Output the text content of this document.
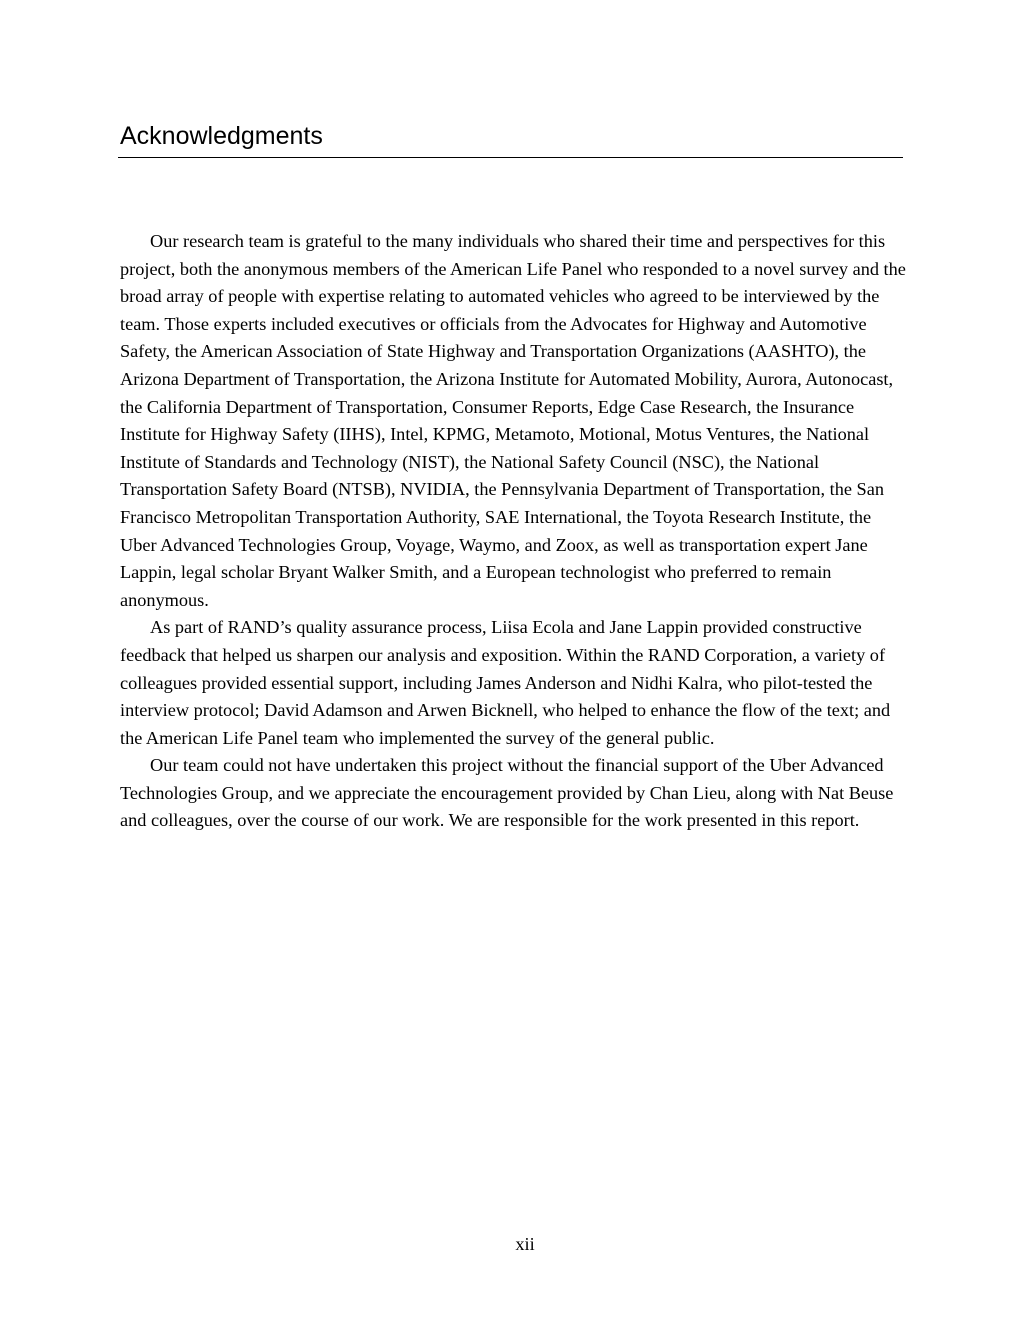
Acknowledgments

Our research team is grateful to the many individuals who shared their time and perspectives for this project, both the anonymous members of the American Life Panel who responded to a novel survey and the broad array of people with expertise relating to automated vehicles who agreed to be interviewed by the team. Those experts included executives or officials from the Advocates for Highway and Automotive Safety, the American Association of State Highway and Transportation Organizations (AASHTO), the Arizona Department of Transportation, the Arizona Institute for Automated Mobility, Aurora, Autonocast, the California Department of Transportation, Consumer Reports, Edge Case Research, the Insurance Institute for Highway Safety (IIHS), Intel, KPMG, Metamoto, Motional, Motus Ventures, the National Institute of Standards and Technology (NIST), the National Safety Council (NSC), the National Transportation Safety Board (NTSB), NVIDIA, the Pennsylvania Department of Transportation, the San Francisco Metropolitan Transportation Authority, SAE International, the Toyota Research Institute, the Uber Advanced Technologies Group, Voyage, Waymo, and Zoox, as well as transportation expert Jane Lappin, legal scholar Bryant Walker Smith, and a European technologist who preferred to remain anonymous.

As part of RAND’s quality assurance process, Liisa Ecola and Jane Lappin provided constructive feedback that helped us sharpen our analysis and exposition. Within the RAND Corporation, a variety of colleagues provided essential support, including James Anderson and Nidhi Kalra, who pilot-tested the interview protocol; David Adamson and Arwen Bicknell, who helped to enhance the flow of the text; and the American Life Panel team who implemented the survey of the general public.

Our team could not have undertaken this project without the financial support of the Uber Advanced Technologies Group, and we appreciate the encouragement provided by Chan Lieu, along with Nat Beuse and colleagues, over the course of our work. We are responsible for the work presented in this report.

xii
